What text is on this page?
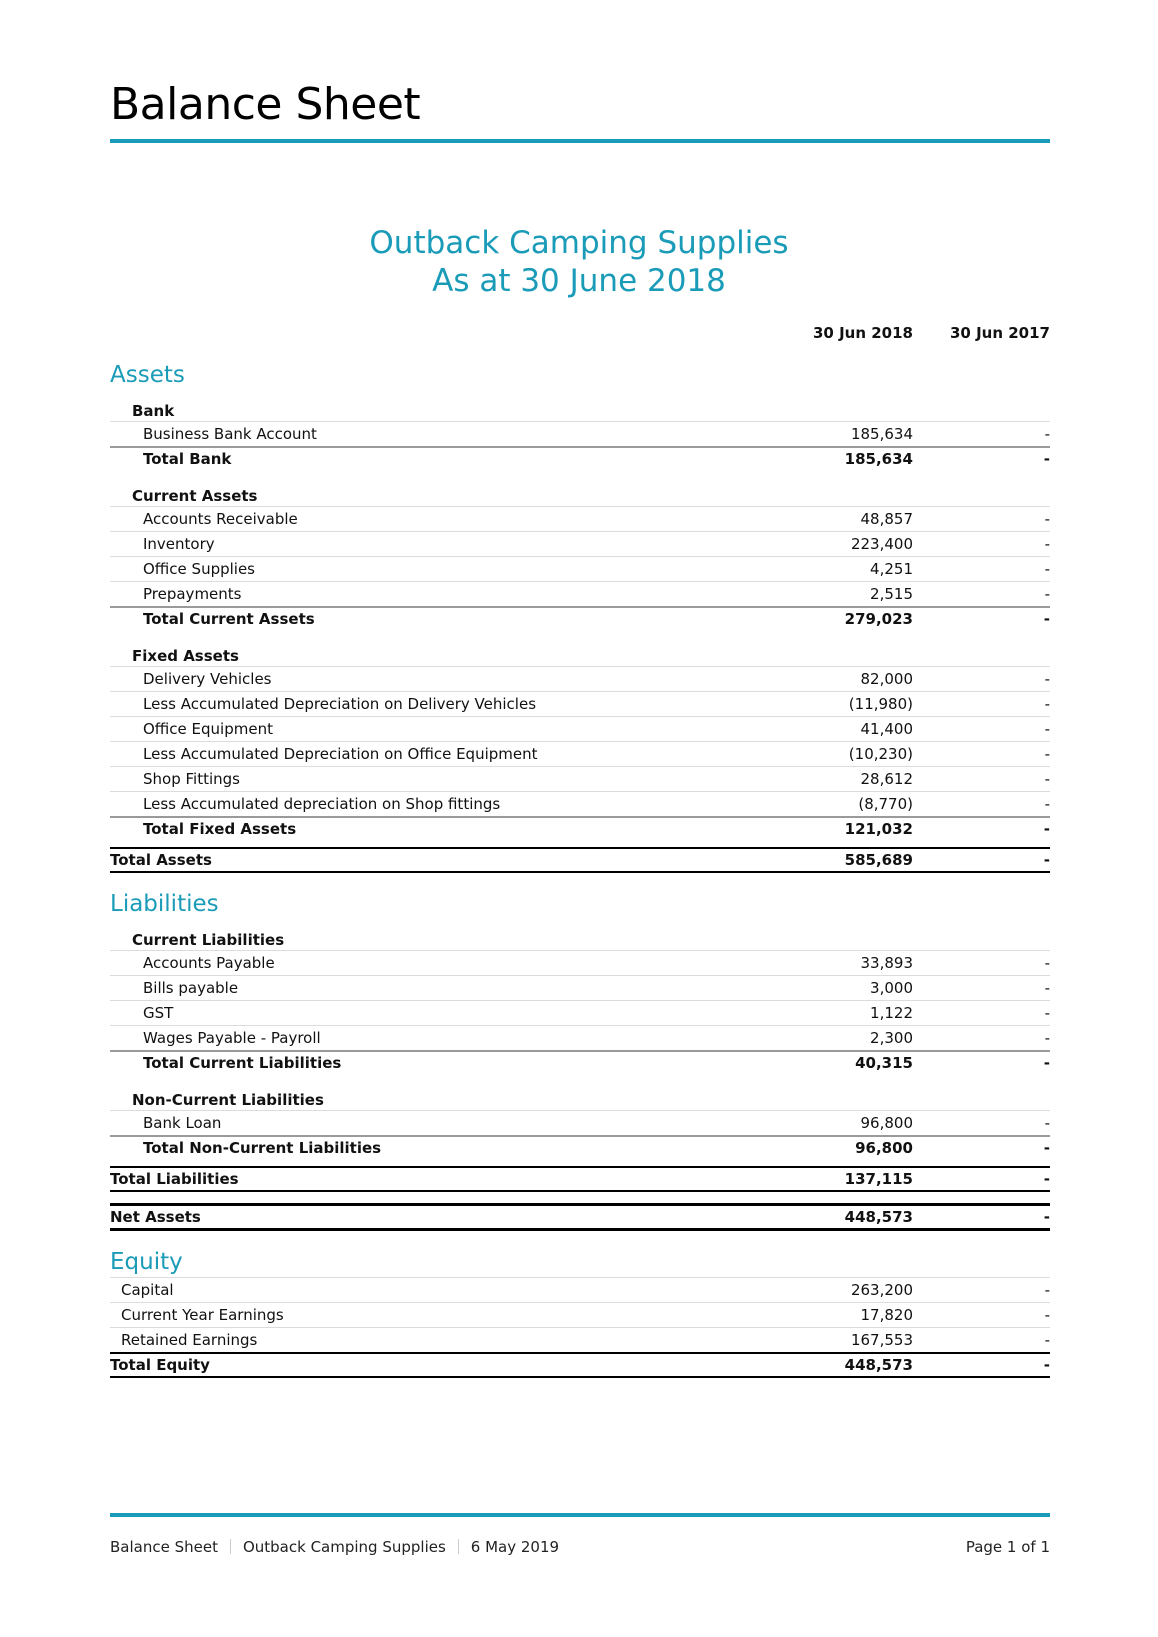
Balance Sheet
Outback Camping Supplies
As at 30 June 2018
30 Jun 2018 30 Jun 2017
Assets
Bank
Business Bank Account	185,634	-
Total Bank	185,634	-
Current Assets
Accounts Receivable	48,857	-
Inventory	223,400	-
Office Supplies	4,251	-
Prepayments	2,515	-
Total Current Assets	279,023	-
Fixed Assets
Delivery Vehicles	82,000	-
Less Accumulated Depreciation on Delivery Vehicles	(11,980)	-
Office Equipment	41,400	-
Less Accumulated Depreciation on Office Equipment	(10,230)	-
Shop Fittings	28,612	-
Less Accumulated depreciation on Shop fittings	(8,770)	-
Total Fixed Assets	121,032	-
Total Assets	585,689	-
Liabilities
Current Liabilities
Accounts Payable	33,893	-
Bills payable	3,000	-
GST	1,122	-
Wages Payable - Payroll	2,300	-
Total Current Liabilities	40,315	-
Non-Current Liabilities
Bank Loan	96,800	-
Total Non-Current Liabilities	96,800	-
Total Liabilities	137,115	-
Net Assets	448,573	-
Equity
Capital	263,200	-
Current Year Earnings	17,820	-
Retained Earnings	167,553	-
Total Equity	448,573	-
Balance Sheet Outback Camping Supplies 6 May 2019	Page 1 of 1
